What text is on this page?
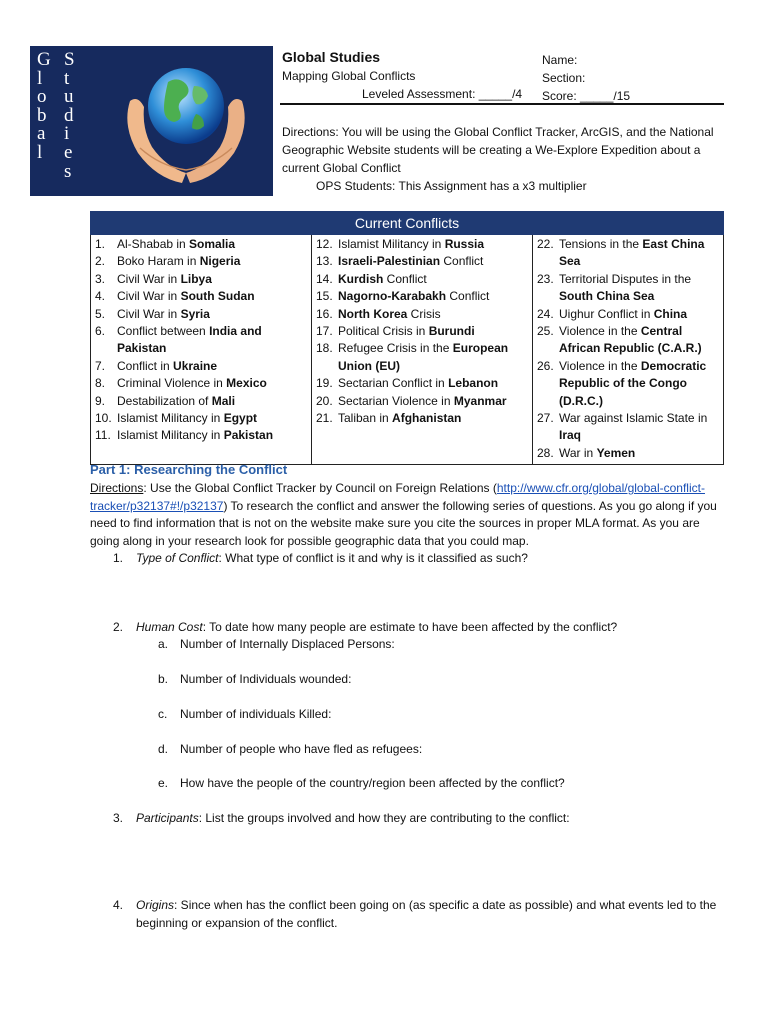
G
l
o
b
a
l
S
t
u
d
i
e
s
Global Studies
Mapping Global Conflicts
Leveled Assessment: _____/4
Name:
Section:
Score: _____/15
Directions: You will be using the Global Conflict Tracker, ArcGIS, and the National Geographic Website students will be creating a We-Explore Expedition about a current Global Conflict
OPS Students: This Assignment has a x3 multiplier
Current Conflicts

1. Al-Shabab in Somalia
2. Boko Haram in Nigeria
3. Civil War in Libya
4. Civil War in South Sudan
5. Civil War in Syria
6. Conflict between India and Pakistan
7. Conflict in Ukraine
8. Criminal Violence in Mexico
9. Destabilization of Mali
10. Islamist Militancy in Egypt
11. Islamist Militancy in Pakistan

12. Islamist Militancy in Russia
13. Israeli-Palestinian Conflict
14. Kurdish Conflict
15. Nagorno-Karabakh Conflict
16. North Korea Crisis
17. Political Crisis in Burundi
18. Refugee Crisis in the European Union (EU)
19. Sectarian Conflict in Lebanon
20. Sectarian Violence in Myanmar
21. Taliban in Afghanistan

22. Tensions in the East China Sea
23. Territorial Disputes in the South China Sea
24. Uighur Conflict in China
25. Violence in the Central African Republic (C.A.R.)
26. Violence in the Democratic Republic of the Congo (D.R.C.)
27. War against Islamic State in Iraq
28. War in Yemen
Part 1: Researching the Conflict
Directions: Use the Global Conflict Tracker by Council on Foreign Relations (http://www.cfr.org/global/global-conflict-tracker/p32137#!/p32137) To research the conflict and answer the following series of questions. As you go along if you need to find information that is not on the website make sure you cite the sources in proper MLA format. As you are going along in your research look for possible geographic data that you could map.
1. Type of Conflict: What type of conflict is it and why is it classified as such?
2. Human Cost: To date how many people are estimate to have been affected by the conflict?
a. Number of Internally Displaced Persons:
b. Number of Individuals wounded:
c. Number of individuals Killed:
d. Number of people who have fled as refugees:
e. How have the people of the country/region been affected by the conflict?
3. Participants: List the groups involved and how they are contributing to the conflict:
4. Origins: Since when has the conflict been going on (as specific a date as possible) and what events led to the beginning or expansion of the conflict.
